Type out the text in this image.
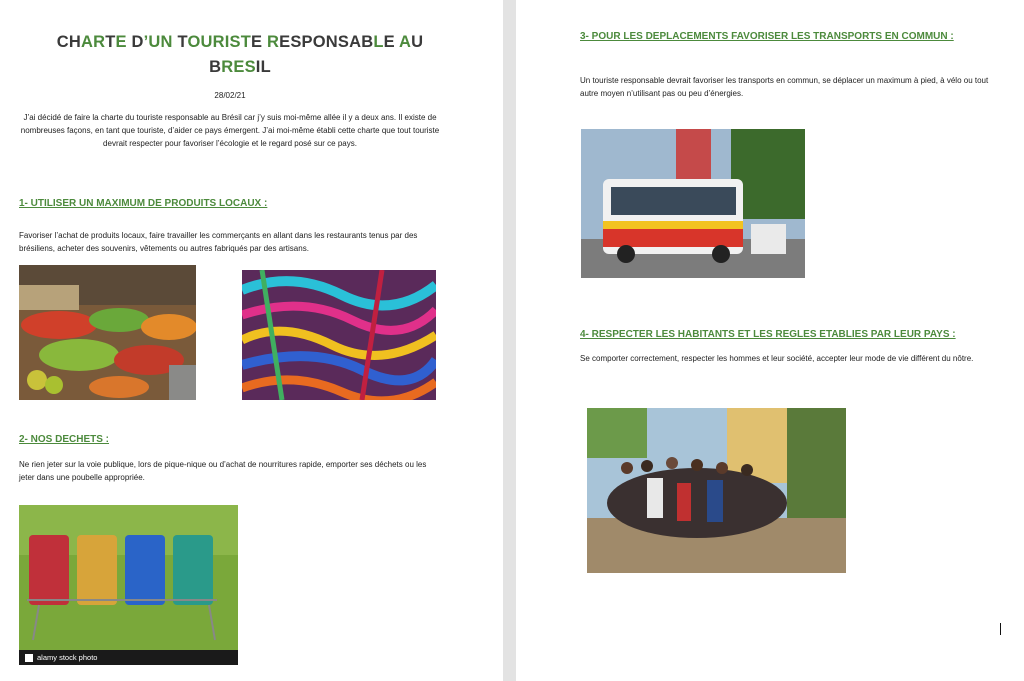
CHARTE D’UN TOURISTE RESPONSABLE AU
BRESIL
28/02/21
J’ai décidé de faire la charte du touriste responsable au Brésil car j’y suis moi-même allée il y a deux ans. Il existe de nombreuses façons, en tant que touriste, d’aider ce pays émergent. J’ai moi-même établi cette charte que tout touriste devrait respecter pour favoriser l’écologie et le regard posé sur ce pays.
1- UTILISER UN MAXIMUM DE PRODUITS LOCAUX :
Favoriser l’achat de produits locaux, faire travailler les commerçants en allant dans les restaurants tenus par des brésiliens, acheter des souvenirs, vêtements ou autres fabriqués par des artisans.
2- NOS DECHETS :
Ne rien jeter sur la voie publique, lors de pique-nique ou d’achat de nourritures rapide, emporter ses déchets ou les jeter dans une poubelle appropriée.
alamy stock photo
3- POUR LES DEPLACEMENTS FAVORISER LES TRANSPORTS EN COMMUN :
Un touriste responsable devrait favoriser les transports en commun, se déplacer un maximum à pied, à vélo ou tout autre moyen n’utilisant pas ou peu d’énergies.
4- RESPECTER LES HABITANTS ET LES REGLES ETABLIES PAR LEUR PAYS :
Se comporter correctement, respecter les hommes et leur société, accepter leur mode de vie différent du nôtre.
